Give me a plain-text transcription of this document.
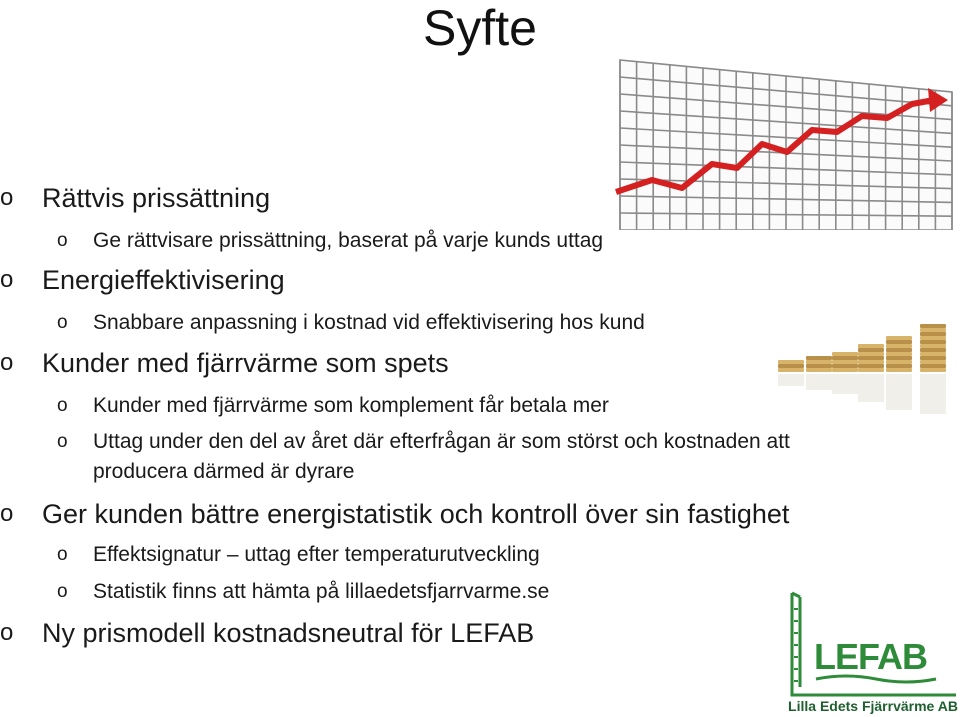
Syfte
o Rättvis prissättning
o Ge rättvisare prissättning, baserat på varje kunds uttag
o Energieffektivisering
o Snabbare anpassning i kostnad vid effektivisering hos kund
o Kunder med fjärrvärme som spets
o Kunder med fjärrvärme som komplement får betala mer
o Uttag under den del av året där efterfrågan är som störst och kostnaden att
producera därmed är dyrare
o Ger kunden bättre energistatistik och kontroll över sin fastighet
o Effektsignatur – uttag efter temperaturutveckling
o Statistik finns att hämta på lillaedetsfjarrvarme.se
o Ny prismodell kostnadsneutral för LEFAB
LEFAB
Lilla Edets Fjärrvärme AB
